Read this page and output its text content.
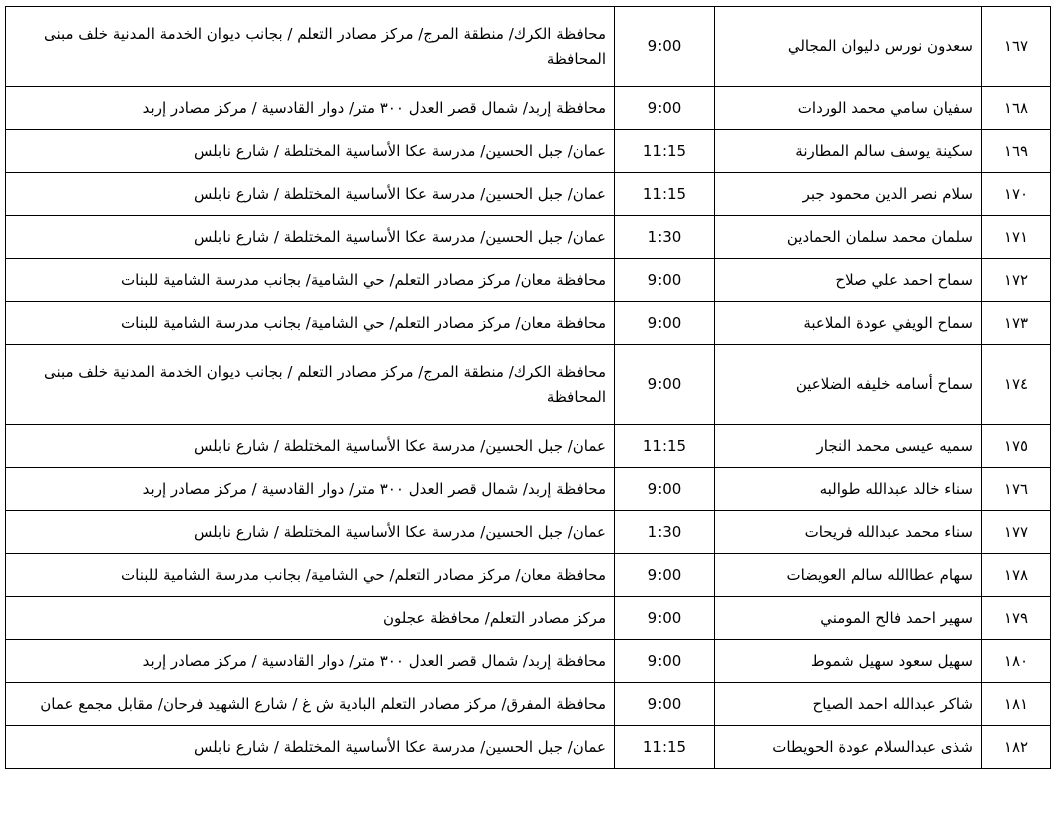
١٦٧	سعدون نورس دليوان المجالي	9:00	محافظة الكرك/ منطقة المرج/ مركز مصادر التعلم / بجانب ديوان الخدمة المدنية خلف مبنى المحافظة
١٦٨	سفيان سامي محمد الوردات	9:00	محافظة إربد/ شمال قصر العدل ٣٠٠ متر/ دوار القادسية / مركز مصادر إربد
١٦٩	سكينة يوسف سالم المطارنة	11:15	عمان/ جبل الحسين/ مدرسة عكا الأساسية المختلطة / شارع نابلس
١٧٠	سلام نصر الدين محمود جبر	11:15	عمان/ جبل الحسين/ مدرسة عكا الأساسية المختلطة / شارع نابلس
١٧١	سلمان محمد سلمان الحمادين	1:30	عمان/ جبل الحسين/ مدرسة عكا الأساسية المختلطة / شارع نابلس
١٧٢	سماح احمد علي صلاح	9:00	محافظة معان/ مركز مصادر التعلم/ حي الشامية/ بجانب مدرسة الشامية للبنات
١٧٣	سماح الويفي عودة الملاعبة	9:00	محافظة معان/ مركز مصادر التعلم/ حي الشامية/ بجانب مدرسة الشامية للبنات
١٧٤	سماح أسامه خليفه الضلاعين	9:00	محافظة الكرك/ منطقة المرج/ مركز مصادر التعلم / بجانب ديوان الخدمة المدنية خلف مبنى المحافظة
١٧٥	سميه عيسى محمد النجار	11:15	عمان/ جبل الحسين/ مدرسة عكا الأساسية المختلطة / شارع نابلس
١٧٦	سناء خالد عبدالله طوالبه	9:00	محافظة إربد/ شمال قصر العدل ٣٠٠ متر/ دوار القادسية / مركز مصادر إربد
١٧٧	سناء محمد عبدالله فريحات	1:30	عمان/ جبل الحسين/ مدرسة عكا الأساسية المختلطة / شارع نابلس
١٧٨	سهام عطاالله سالم العويضات	9:00	محافظة معان/ مركز مصادر التعلم/ حي الشامية/ بجانب مدرسة الشامية للبنات
١٧٩	سهير احمد فالح المومني	9:00	مركز مصادر التعلم/ محافظة عجلون
١٨٠	سهيل سعود سهيل شموط	9:00	محافظة إربد/ شمال قصر العدل ٣٠٠ متر/ دوار القادسية / مركز مصادر إربد
١٨١	شاكر عبدالله احمد الصياح	9:00	محافظة المفرق/ مركز مصادر التعلم البادية ش غ / شارع الشهيد فرحان/ مقابل مجمع عمان
١٨٢	شذى عبدالسلام عودة الحويطات	11:15	عمان/ جبل الحسين/ مدرسة عكا الأساسية المختلطة / شارع نابلس
